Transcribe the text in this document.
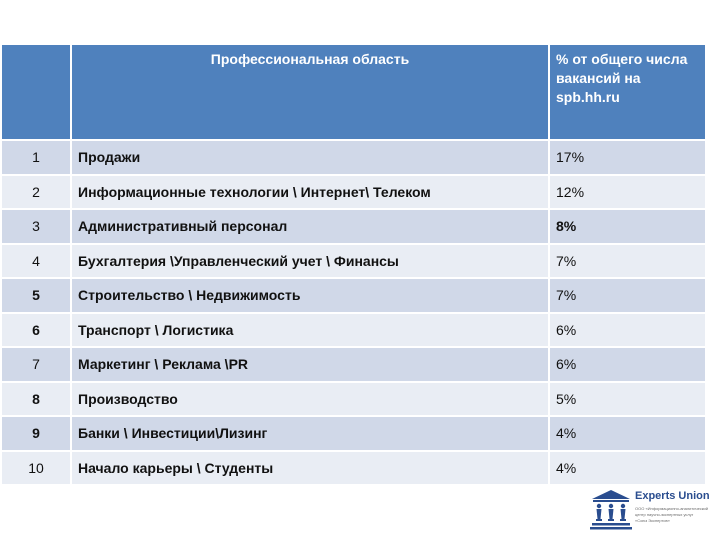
	Профессиональная область	% от общего числа вакансий на spb.hh.ru
1	Продажи	17%
2	Информационные технологии \ Интернет\ Телеком	12%
3	Административный персонал	8%
4	Бухгалтерия \Управленческий учет \ Финансы	7%
5	Строительство \ Недвижимость	7%
6	Транспорт \ Логистика	6%
7	Маркетинг \ Реклама \PR	6%
8	Производство	5%
9	Банки \ Инвестиции\Лизинг	4%
10	Начало карьеры \ Студенты	4%
Experts Union
ООО «Информационно-аналитический
центр научно-экспертных услуг
«Союз Экспертов»
